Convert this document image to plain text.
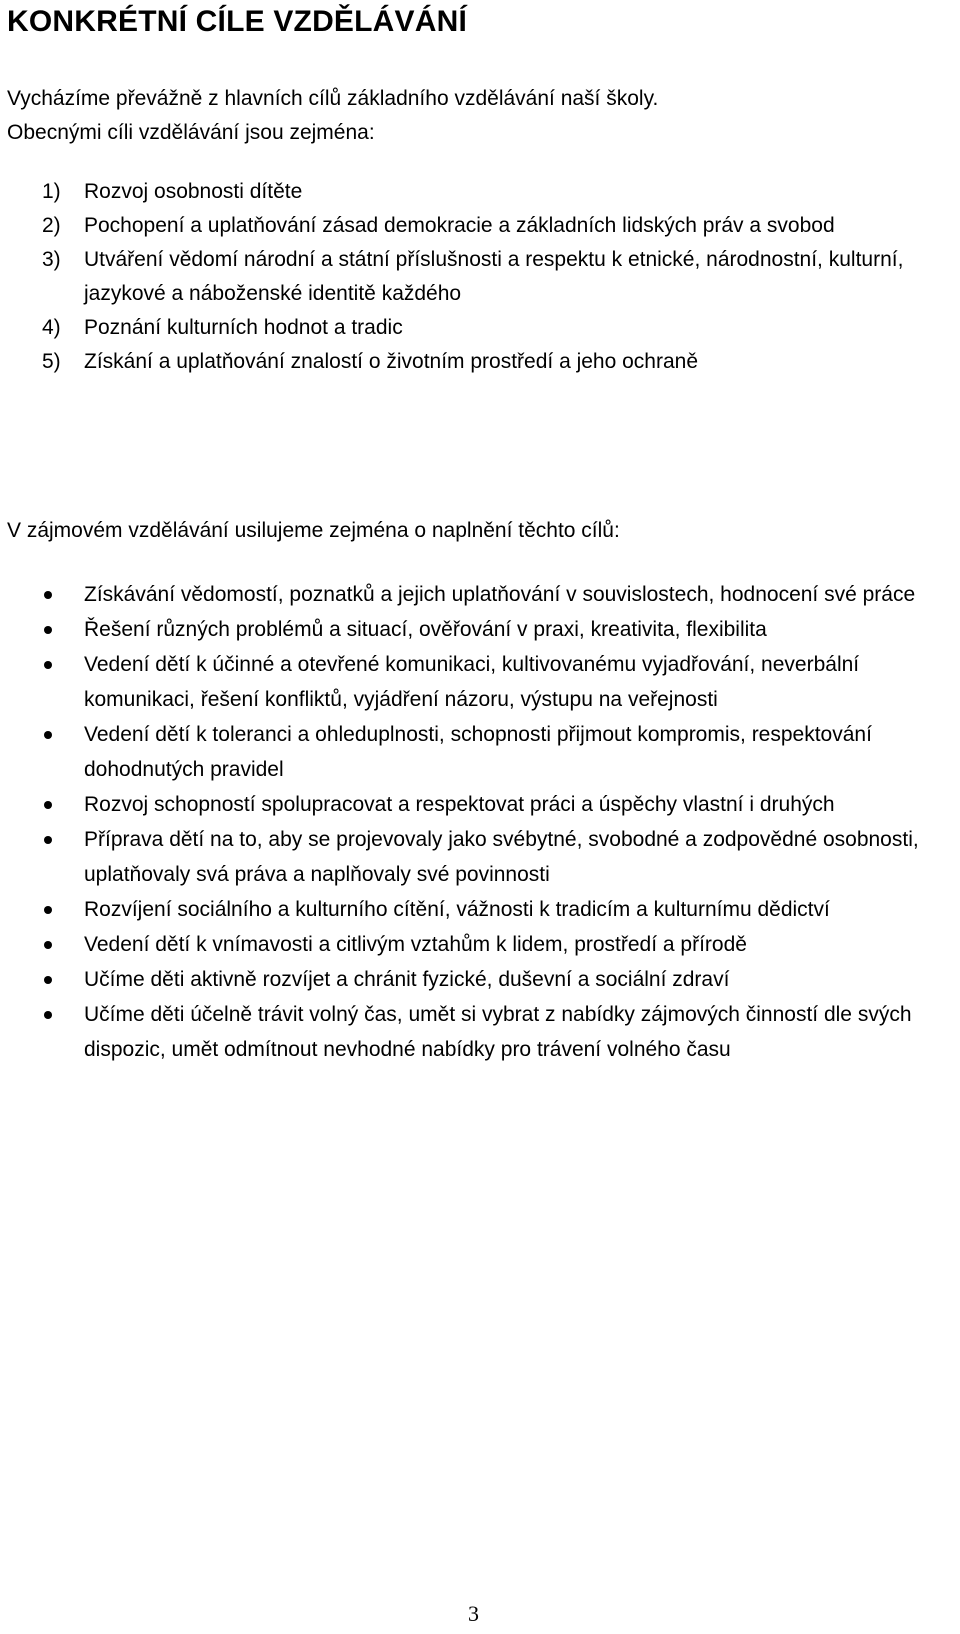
KONKRÉTNÍ CÍLE VZDĚLÁVÁNÍ

Vycházíme převážně z hlavních cílů základního vzdělávání naší školy.

Obecnými cíli vzdělávání jsou zejména:

1) Rozvoj osobnosti dítěte
2) Pochopení a uplatňování zásad demokracie a základních lidských práv a svobod
3) Utváření vědomí národní a státní příslušnosti a respektu k etnické, národnostní, kulturní, jazykové a náboženské identitě každého
4) Poznání kulturních hodnot a tradic
5) Získání a uplatňování znalostí o životním prostředí a jeho ochraně
V zájmovém vzdělávání usilujeme zejména o naplnění těchto cílů:
Získávání vědomostí, poznatků a jejich uplatňování v souvislostech, hodnocení své práce
Řešení různých problémů a situací, ověřování v praxi, kreativita, flexibilita
Vedení dětí k účinné a otevřené komunikaci, kultivovanému vyjadřování, neverbální komunikaci, řešení konfliktů, vyjádření názoru, výstupu na veřejnosti
Vedení dětí k toleranci a ohleduplnosti, schopnosti přijmout kompromis, respektování dohodnutých pravidel
Rozvoj schopností spolupracovat a respektovat práci a úspěchy vlastní i druhých
Příprava dětí na to, aby se projevovaly jako svébytné, svobodné a zodpovědné osobnosti, uplatňovaly svá práva a naplňovaly své povinnosti
Rozvíjení sociálního a kulturního cítění, vážnosti k tradicím a kulturnímu dědictví
Vedení dětí k vnímavosti a citlivým vztahům k lidem, prostředí a přírodě
Učíme děti aktivně rozvíjet a chránit fyzické, duševní a sociální zdraví
Učíme děti účelně trávit volný čas, umět si vybrat z nabídky zájmových činností dle svých dispozic, umět odmítnout nevhodné nabídky pro trávení volného času
3
